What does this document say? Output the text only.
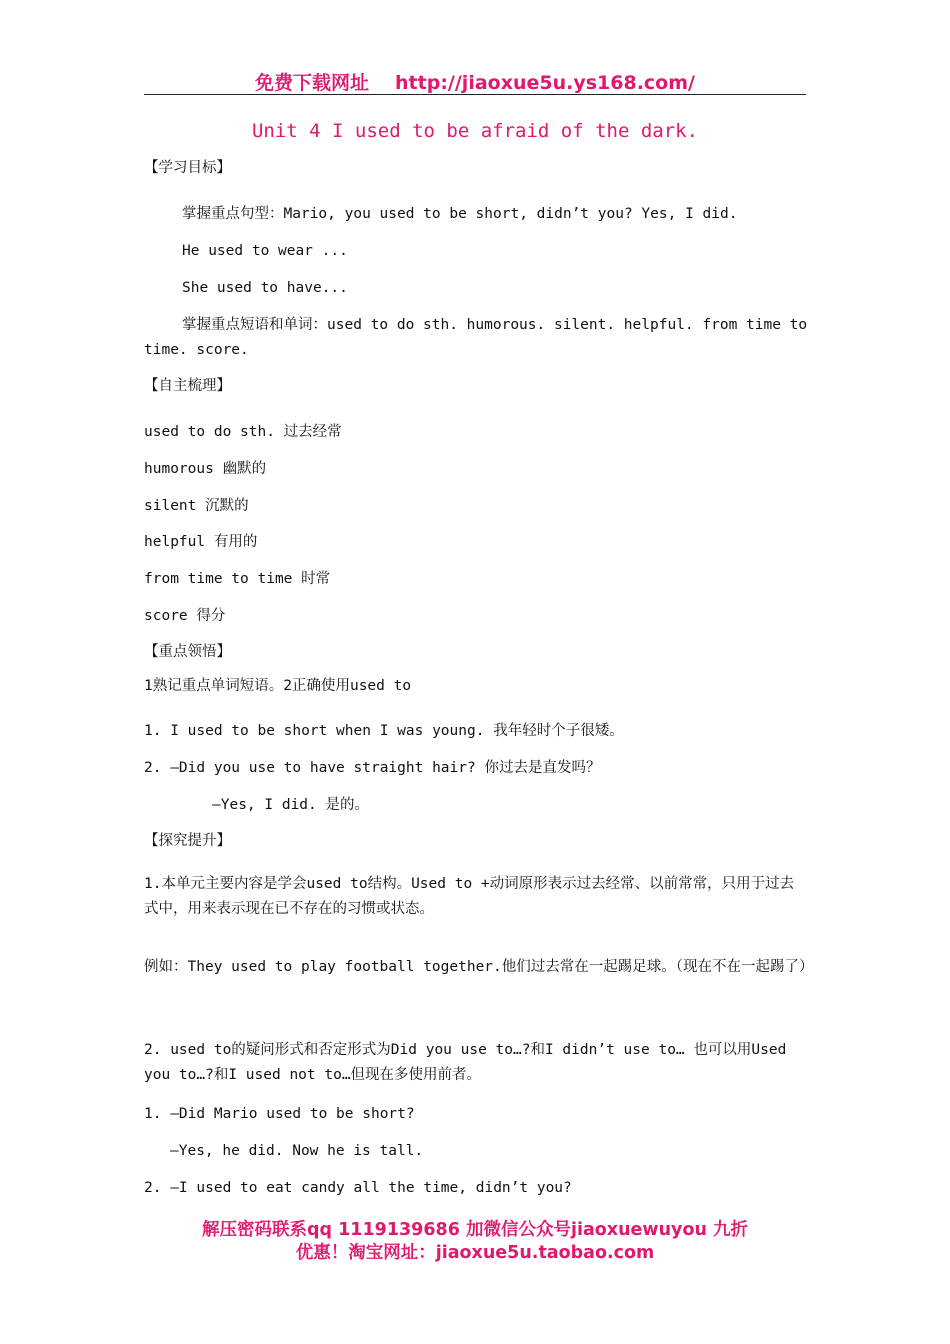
免费下载网址 http://jiaoxue5u.ys168.com/
Unit 4 I used to be afraid of the dark.
【学习目标】
掌握重点句型：Mario, you used to be short, didn’t you? Yes, I did.
He used to wear ...
She used to have...
掌握重点短语和单词：used to do sth. humorous. silent. helpful. from time to
time. score.
【自主梳理】
used to do sth. 过去经常
humorous 幽默的
silent 沉默的
helpful 有用的
from time to time 时常
score 得分
【重点领悟】
1熟记重点单词短语。2正确使用used to
1. I used to be short when I was young. 我年轻时个子很矮。
2. —Did you use to have straight hair? 你过去是直发吗？
—Yes, I did. 是的。
【探究提升】
1.本单元主要内容是学会used to结构。Used to +动词原形表示过去经常、以前常常，只用于过去式中，用来表示现在已不存在的习惯或状态。
例如：They used to play football together.他们过去常在一起踢足球。（现在不在一起踢了）
2. used to的疑问形式和否定形式为Did you use to…?和I didn’t use to… 也可以用Used you to…?和I used not to…但现在多使用前者。
1. —Did Mario used to be short?
—Yes, he did. Now he is tall.
2. —I used to eat candy all the time, didn’t you?
解压密码联系qq 1119139686 加微信公众号jiaoxuewuyou 九折
优惠！淘宝网址：jiaoxue5u.taobao.com
